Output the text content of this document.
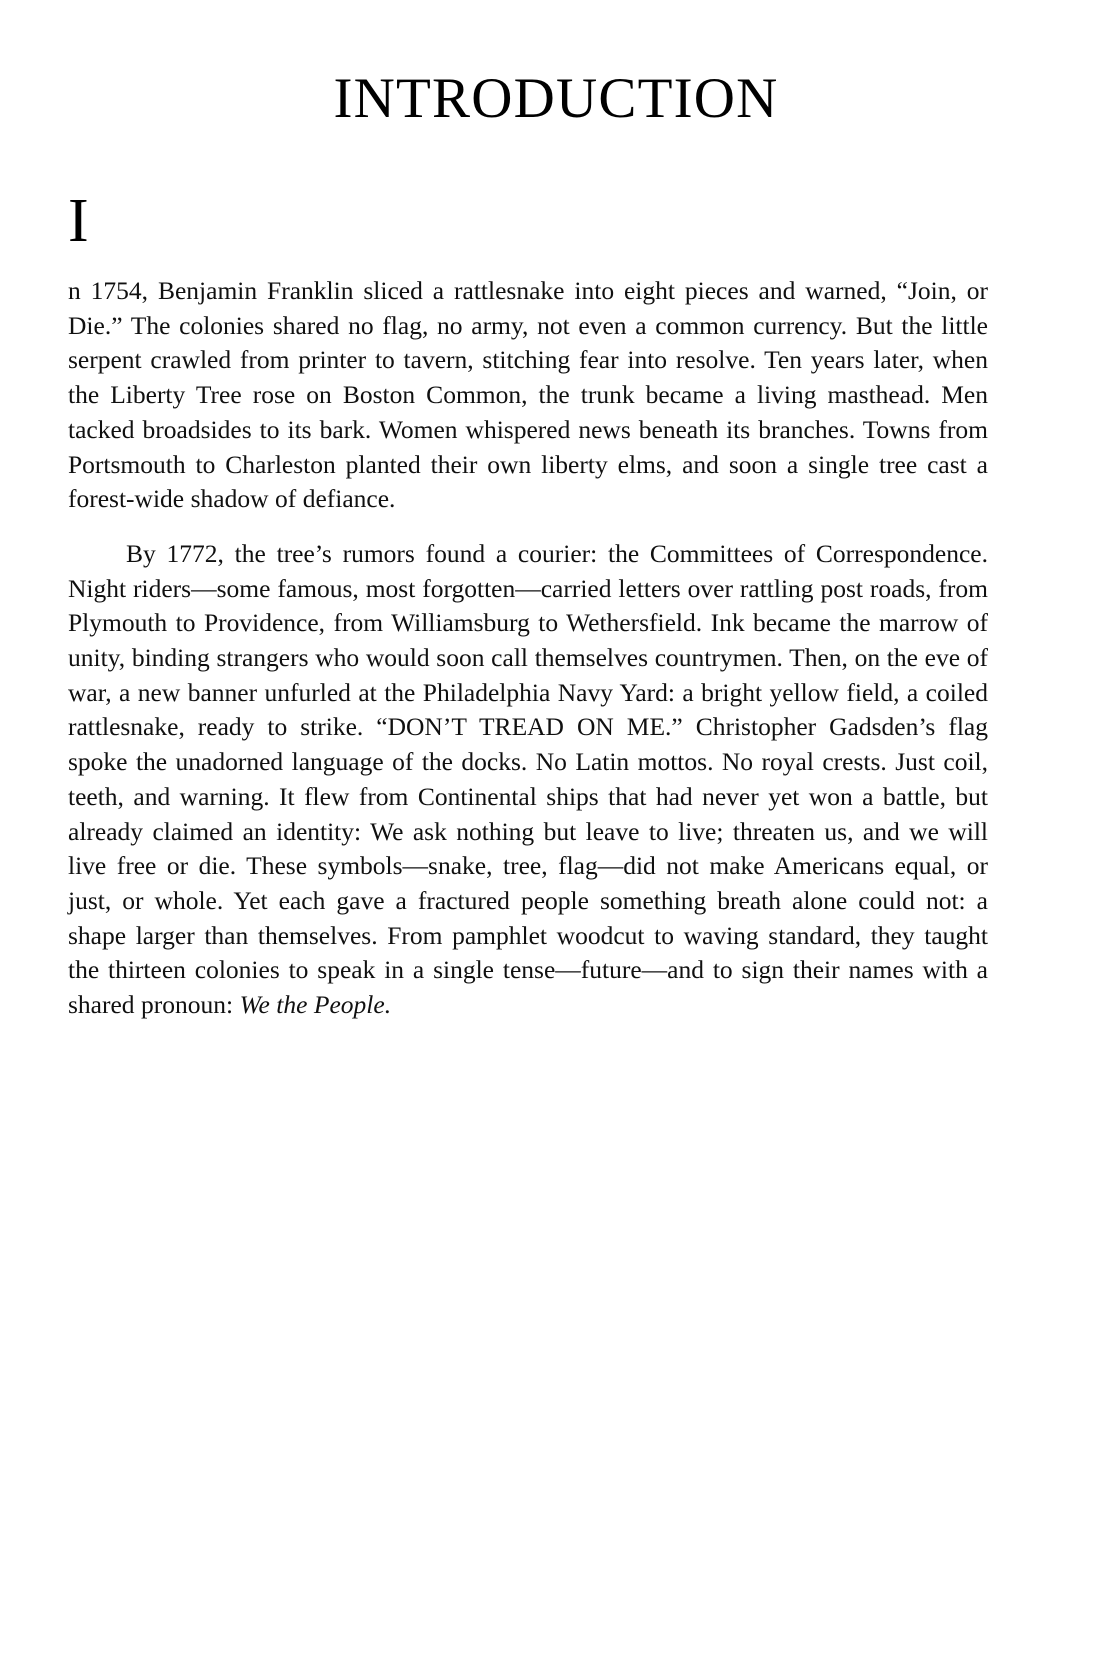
INTRODUCTION
I

n 1754, Benjamin Franklin sliced a rattlesnake into eight pieces and warned, “Join, or Die.” The colonies shared no flag, no army, not even a common currency. But the little serpent crawled from printer to tavern, stitching fear into resolve. Ten years later, when the Liberty Tree rose on Boston Common, the trunk became a living masthead. Men tacked broadsides to its bark. Women whispered news beneath its branches. Towns from Portsmouth to Charleston planted their own liberty elms, and soon a single tree cast a forest-wide shadow of defiance.

By 1772, the tree’s rumors found a courier: the Committees of Correspondence. Night riders—some famous, most forgotten—carried letters over rattling post roads, from Plymouth to Providence, from Williamsburg to Wethersfield. Ink became the marrow of unity, binding strangers who would soon call themselves countrymen. Then, on the eve of war, a new banner unfurled at the Philadelphia Navy Yard: a bright yellow field, a coiled rattlesnake, ready to strike. “DON’T TREAD ON ME.” Christopher Gadsden’s flag spoke the unadorned language of the docks. No Latin mottos. No royal crests. Just coil, teeth, and warning. It flew from Continental ships that had never yet won a battle, but already claimed an identity: We ask nothing but leave to live; threaten us, and we will live free or die. These symbols—snake, tree, flag—did not make Americans equal, or just, or whole. Yet each gave a fractured people something breath alone could not: a shape larger than themselves. From pamphlet woodcut to waving standard, they taught the thirteen colonies to speak in a single tense—future—and to sign their names with a shared pronoun: We the People.
